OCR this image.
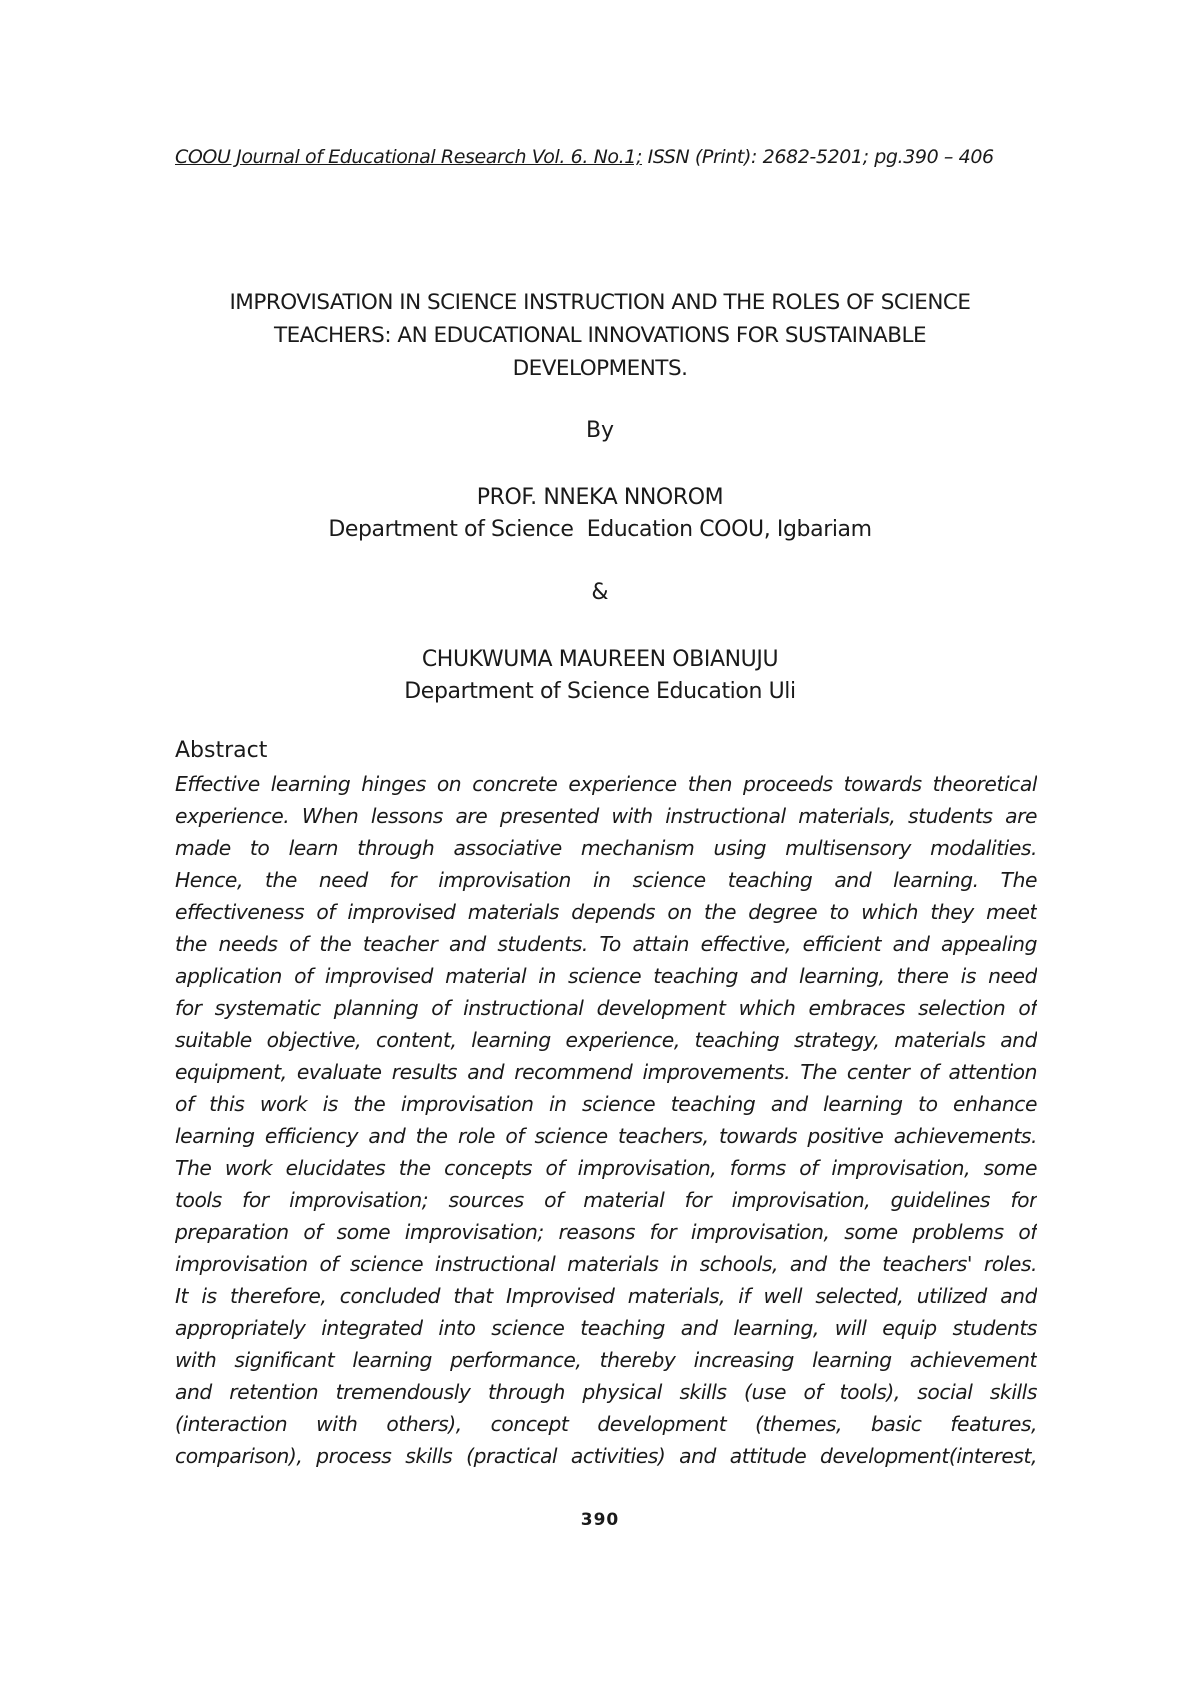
COOU Journal of Educational Research Vol. 6. No.1; ISSN (Print): 2682-5201; pg.390 – 406
IMPROVISATION IN SCIENCE INSTRUCTION AND THE ROLES OF SCIENCE
TEACHERS: AN EDUCATIONAL INNOVATIONS FOR SUSTAINABLE
DEVELOPMENTS.
By
PROF. NNEKA NNOROM
Department of Science  Education COOU, Igbariam
&
CHUKWUMA MAUREEN OBIANUJU
Department of Science Education Uli
Abstract
Effective learning hinges on concrete experience then proceeds towards theoretical
experience. When lessons are presented with instructional materials, students are
made to learn through associative mechanism using multisensory modalities.
Hence, the need for improvisation in science teaching and learning. The
effectiveness of improvised materials depends on the degree to which they meet
the needs of the teacher and students. To attain effective, efficient and appealing
application of improvised material in science teaching and learning, there is need
for systematic planning of instructional development which embraces selection of
suitable objective, content, learning experience, teaching strategy, materials and
equipment, evaluate results and recommend improvements. The center of attention
of this work is the improvisation in science teaching and learning to enhance
learning efficiency and the role of science teachers, towards positive achievements.
The work elucidates the concepts of improvisation, forms of improvisation, some
tools for improvisation; sources of material for improvisation, guidelines for
preparation of some improvisation; reasons for improvisation, some problems of
improvisation of science instructional materials in schools, and the teachers' roles.
It is therefore, concluded that Improvised materials, if well selected, utilized and
appropriately integrated into science teaching and learning, will equip students
with significant learning performance, thereby increasing learning achievement
and retention tremendously through physical skills (use of tools), social skills
(interaction with others), concept development (themes, basic features,
comparison), process skills (practical activities) and attitude development(interest,
390
